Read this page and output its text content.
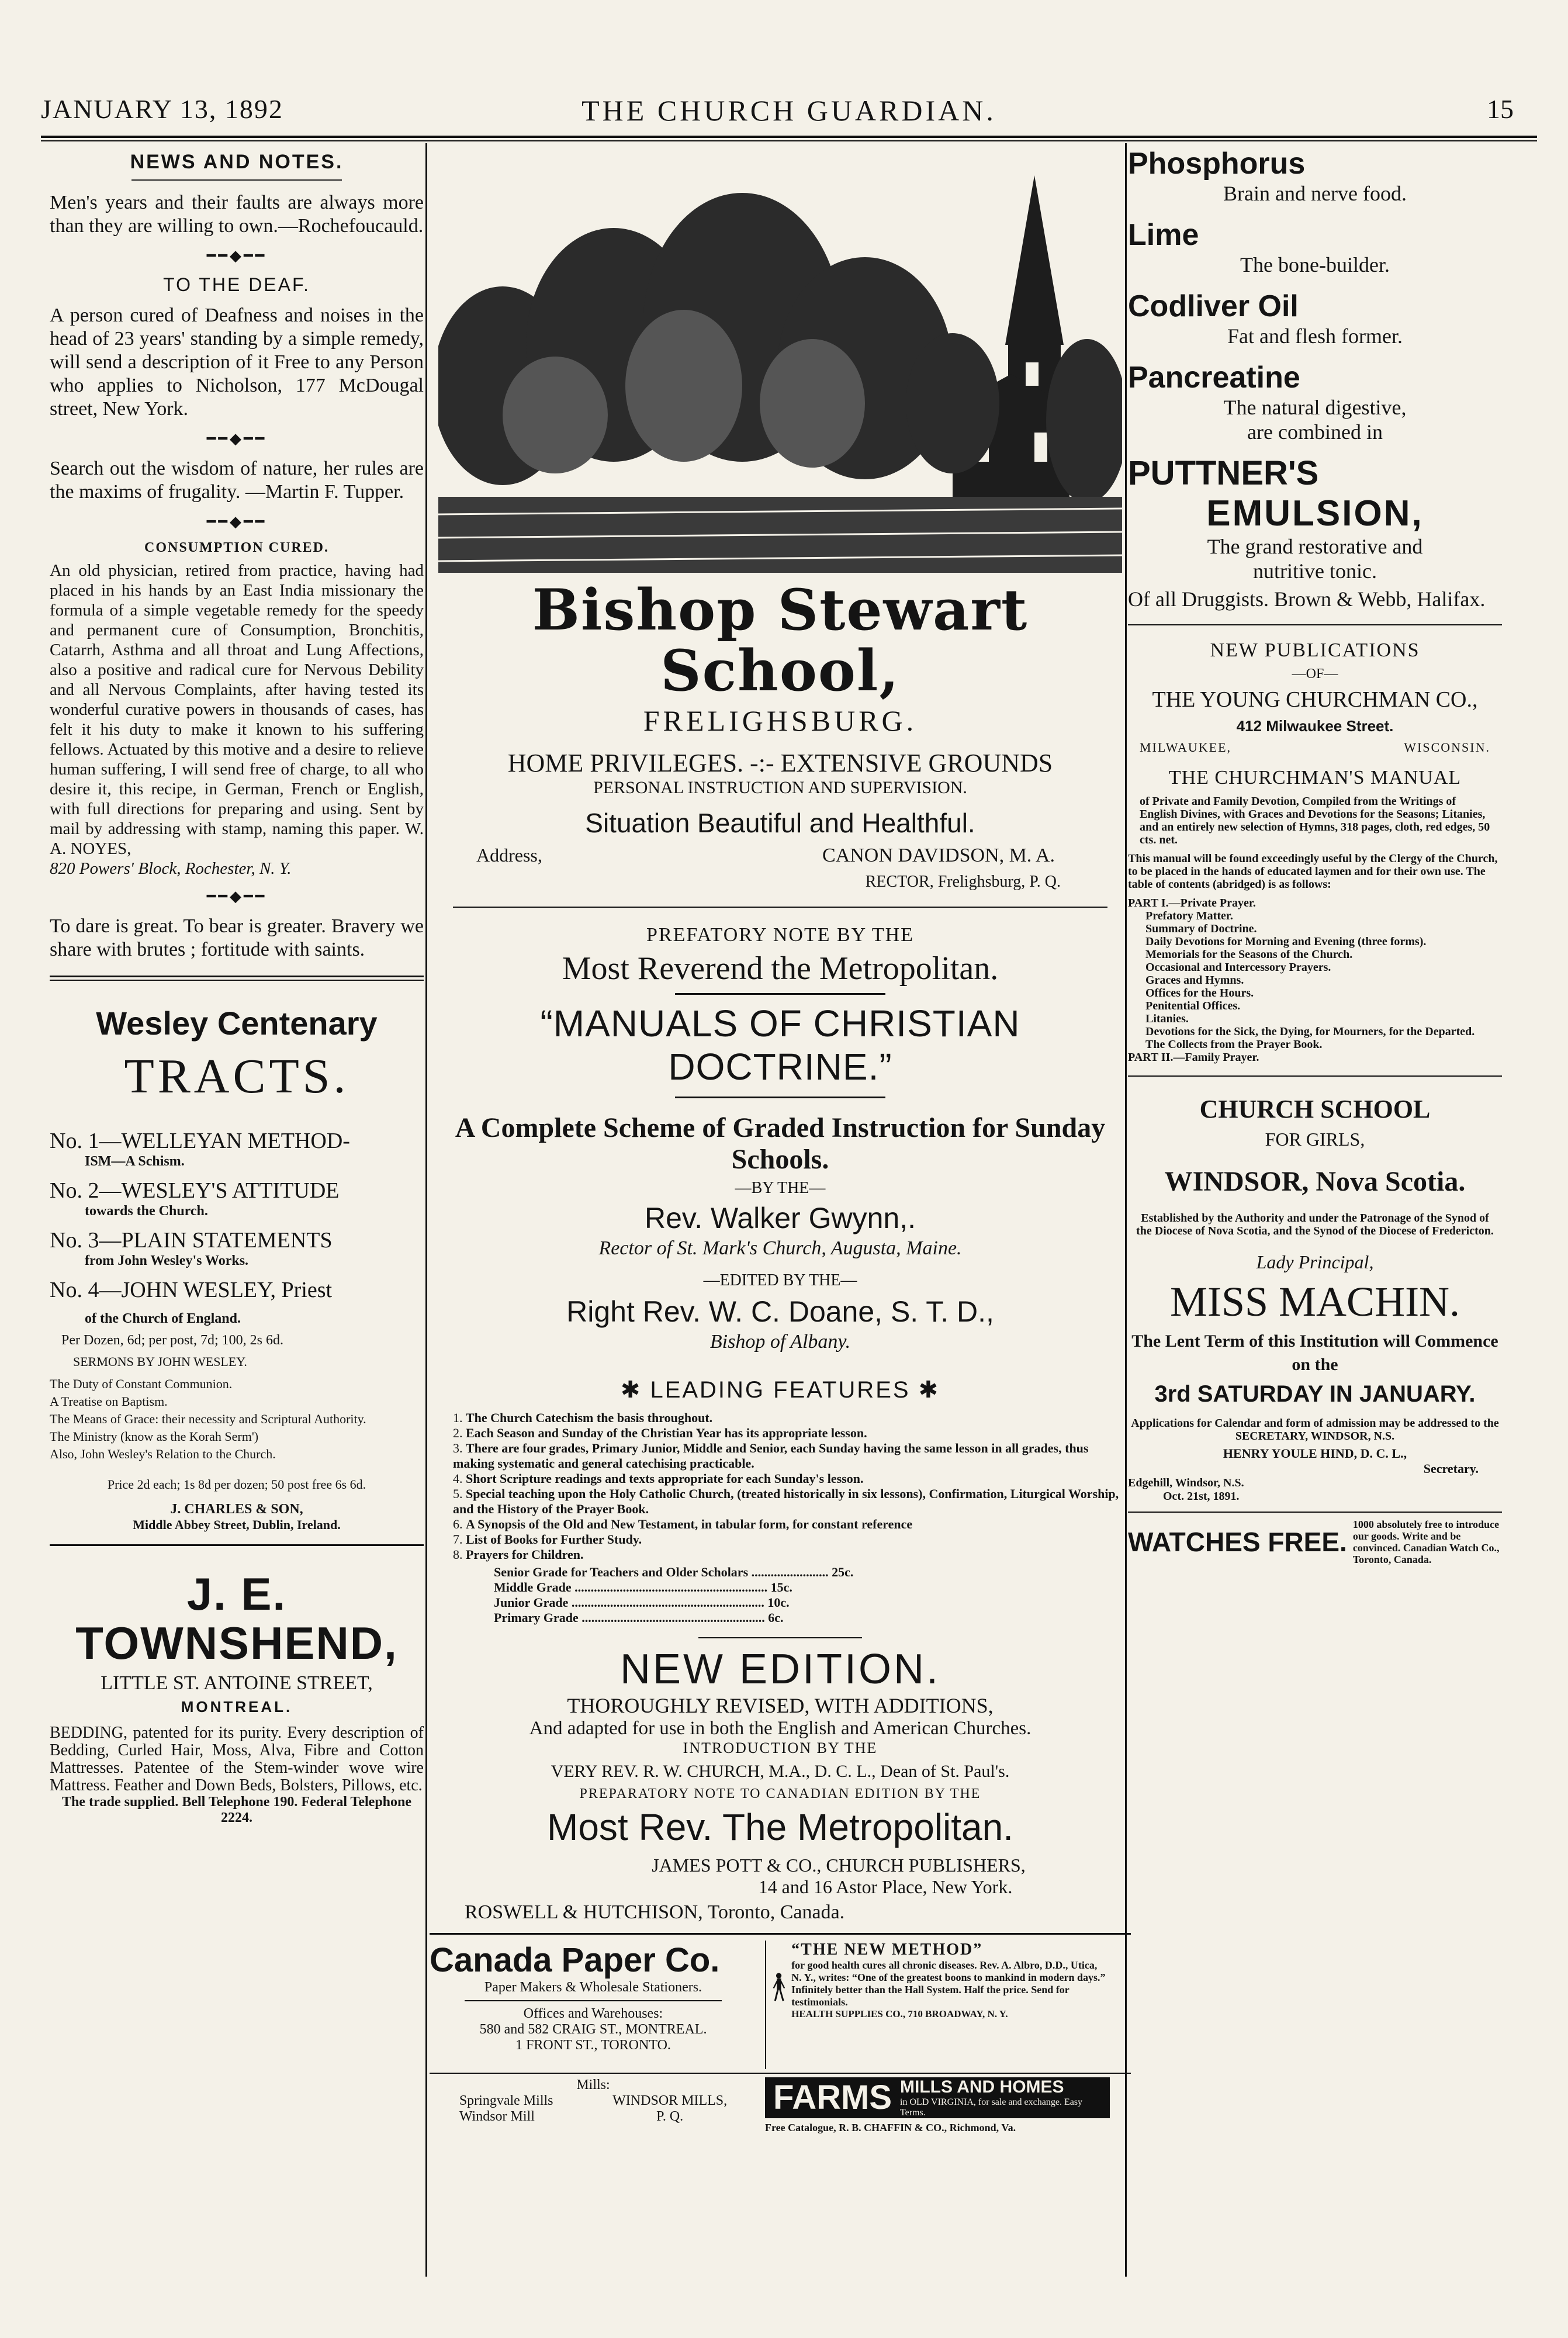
JANUARY 13, 1892	THE CHURCH GUARDIAN.	15
NEWS AND NOTES.

Men's years and their faults are always more than they are willing to own.—Rochefoucauld.

━━◆━━
TO THE DEAF.

A person cured of Deafness and noises in the head of 23 years' standing by a simple remedy, will send a description of it Free to any Person who applies to Nicholson, 177 McDougal street, New York.

━━◆━━

Search out the wisdom of nature, her rules are the maxims of frugality. —Martin F. Tupper.

━━◆━━
CONSUMPTION CURED.

An old physician, retired from practice, having had placed in his hands by an East India missionary the formula of a simple vegetable remedy for the speedy and permanent cure of Consumption, Bronchitis, Catarrh, Asthma and all throat and Lung Affections, also a positive and radical cure for Nervous Debility and all Nervous Complaints, after having tested its wonderful curative powers in thousands of cases, has felt it his duty to make it known to his suffering fellows. Actuated by this motive and a desire to relieve human suffering, I will send free of charge, to all who desire it, this recipe, in German, French or English, with full directions for preparing and using. Sent by mail by addressing with stamp, naming this paper. W. A. NOYES,

820 Powers' Block, Rochester, N. Y.
━━◆━━

To dare is great. To bear is greater. Bravery we share with brutes ; fortitude with saints.

Wesley Centenary
TRACTS.
No. 1—WELLEYAN METHOD-
ISM—A Schism.
No. 2—WESLEY'S ATTITUDE
towards the Church.
No. 3—PLAIN STATEMENTS
from John Wesley's Works.
No. 4—JOHN WESLEY, Priest
of the Church of England.
Per Dozen, 6d; per post, 7d; 100, 2s 6d.
SERMONS BY JOHN WESLEY.
The Duty of Constant Communion.
A Treatise on Baptism.
The Means of Grace: their necessity and Scriptural Authority.
The Ministry (know as the Korah Serm')
Also, John Wesley's Relation to the Church.
Price 2d each; 1s 8d per dozen; 50 post free 6s 6d.
J. CHARLES & SON,
Middle Abbey Street, Dublin, Ireland.
J. E. TOWNSHEND,
LITTLE ST. ANTOINE STREET,
MONTREAL.

BEDDING, patented for its purity. Every description of Bedding, Curled Hair, Moss, Alva, Fibre and Cotton Mattresses. Patentee of the Stem-winder wove wire Mattress. Feather and Down Beds, Bolsters, Pillows, etc.

The trade supplied. Bell Telephone 190. Federal Telephone 2224.
Bishop Stewart School,
FRELIGHSBURG.
HOME PRIVILEGES. -:- EXTENSIVE GROUNDS
PERSONAL INSTRUCTION AND SUPERVISION.
Situation Beautiful and Healthful.
Address,	CANON DAVIDSON, M. A.
RECTOR, Frelighsburg, P. Q.
PREFATORY NOTE BY THE
Most Reverend the Metropolitan.
“MANUALS OF CHRISTIAN DOCTRINE.”
A Complete Scheme of Graded Instruction for Sunday Schools.
—BY THE—
Rev. Walker Gwynn,.
Rector of St. Mark's Church, Augusta, Maine.
—EDITED BY THE—
Right Rev. W. C. Doane, S. T. D.,
Bishop of Albany.
✱ LEADING FEATURES ✱
1. The Church Catechism the basis throughout.
2. Each Season and Sunday of the Christian Year has its appropriate lesson.
3. There are four grades, Primary Junior, Middle and Senior, each Sunday having the same lesson in all grades, thus making systematic and general catechising practicable.
4. Short Scripture readings and texts appropriate for each Sunday's lesson.
5. Special teaching upon the Holy Catholic Church, (treated historically in six lessons), Confirmation, Liturgical Worship, and the History of the Prayer Book.
6. A Synopsis of the Old and New Testament, in tabular form, for constant reference
7. List of Books for Further Study.
8. Prayers for Children.
Senior Grade for Teachers and Older Scholars ........................ 25c.
Middle Grade ............................................................ 15c.
Junior Grade ............................................................ 10c.
Primary Grade ......................................................... 6c.
NEW EDITION.
THOROUGHLY REVISED, WITH ADDITIONS,
And adapted for use in both the English and American Churches.
INTRODUCTION BY THE
VERY REV. R. W. CHURCH, M.A., D. C. L., Dean of St. Paul's.
PREPARATORY NOTE TO CANADIAN EDITION BY THE
Most Rev. The Metropolitan.
JAMES POTT & CO., CHURCH PUBLISHERS,
14 and 16 Astor Place, New York.
ROSWELL & HUTCHISON, Toronto, Canada.
Canada Paper Co.
Paper Makers & Wholesale Stationers.
Offices and Warehouses:
580 and 582 CRAIG ST., MONTREAL.
1 FRONT ST., TORONTO.
“THE NEW METHOD”
for good health cures all chronic diseases. Rev. A. Albro, D.D., Utica, N. Y., writes: “One of the greatest boons to mankind in modern days.” Infinitely better than the Hall System. Half the price. Send for testimonials.
HEALTH SUPPLIES CO., 710 BROADWAY, N. Y.
Mills:
Springvale Mills
Windsor Mill
WINDSOR MILLS,
P. Q.	FARMS MILLS AND HOMES
in OLD VIRGINIA, for sale and exchange. Easy Terms.
Free Catalogue, R. B. CHAFFIN & CO., Richmond, Va.
Phosphorus
Brain and nerve food.
Lime
The bone-builder.
Codliver Oil
Fat and flesh former.
Pancreatine
The natural digestive,
are combined in
PUTTNER'S
EMULSION,
The grand restorative and
nutritive tonic.

Of all Druggists. Brown & Webb, Halifax.

NEW PUBLICATIONS
—OF—
THE YOUNG CHURCHMAN CO.,
412 Milwaukee Street.
MILWAUKEE,	WISCONSIN.
THE CHURCHMAN'S MANUAL
of Private and Family Devotion, Compiled from the Writings of English Divines, with Graces and Devotions for the Seasons; Litanies, and an entirely new selection of Hymns, 318 pages, cloth, red edges, 50 cts. net.
This manual will be found exceedingly useful by the Clergy of the Church, to be placed in the hands of educated laymen and for their own use. The table of contents (abridged) is as follows:
PART I.—Private Prayer.
Prefatory Matter.
Summary of Doctrine.
Daily Devotions for Morning and Evening (three forms).
Memorials for the Seasons of the Church.
Occasional and Intercessory Prayers.
Graces and Hymns.
Offices for the Hours.
Penitential Offices.
Litanies.
Devotions for the Sick, the Dying, for Mourners, for the Departed.
The Collects from the Prayer Book.
PART II.—Family Prayer.
CHURCH SCHOOL
FOR GIRLS,
WINDSOR, Nova Scotia.
Established by the Authority and under the Patronage of the Synod of the Diocese of Nova Scotia, and the Synod of the Diocese of Fredericton.
Lady Principal,
MISS MACHIN.
The Lent Term of this Institution will Commence on the
3rd SATURDAY IN JANUARY.
Applications for Calendar and form of admission may be addressed to the SECRETARY, WINDSOR, N.S.
HENRY YOULE HIND, D. C. L.,
Secretary.
Edgehill, Windsor, N.S.
Oct. 21st, 1891.
WATCHES FREE.
1000 absolutely free to introduce our goods. Write and be convinced. Canadian Watch Co., Toronto, Canada.
